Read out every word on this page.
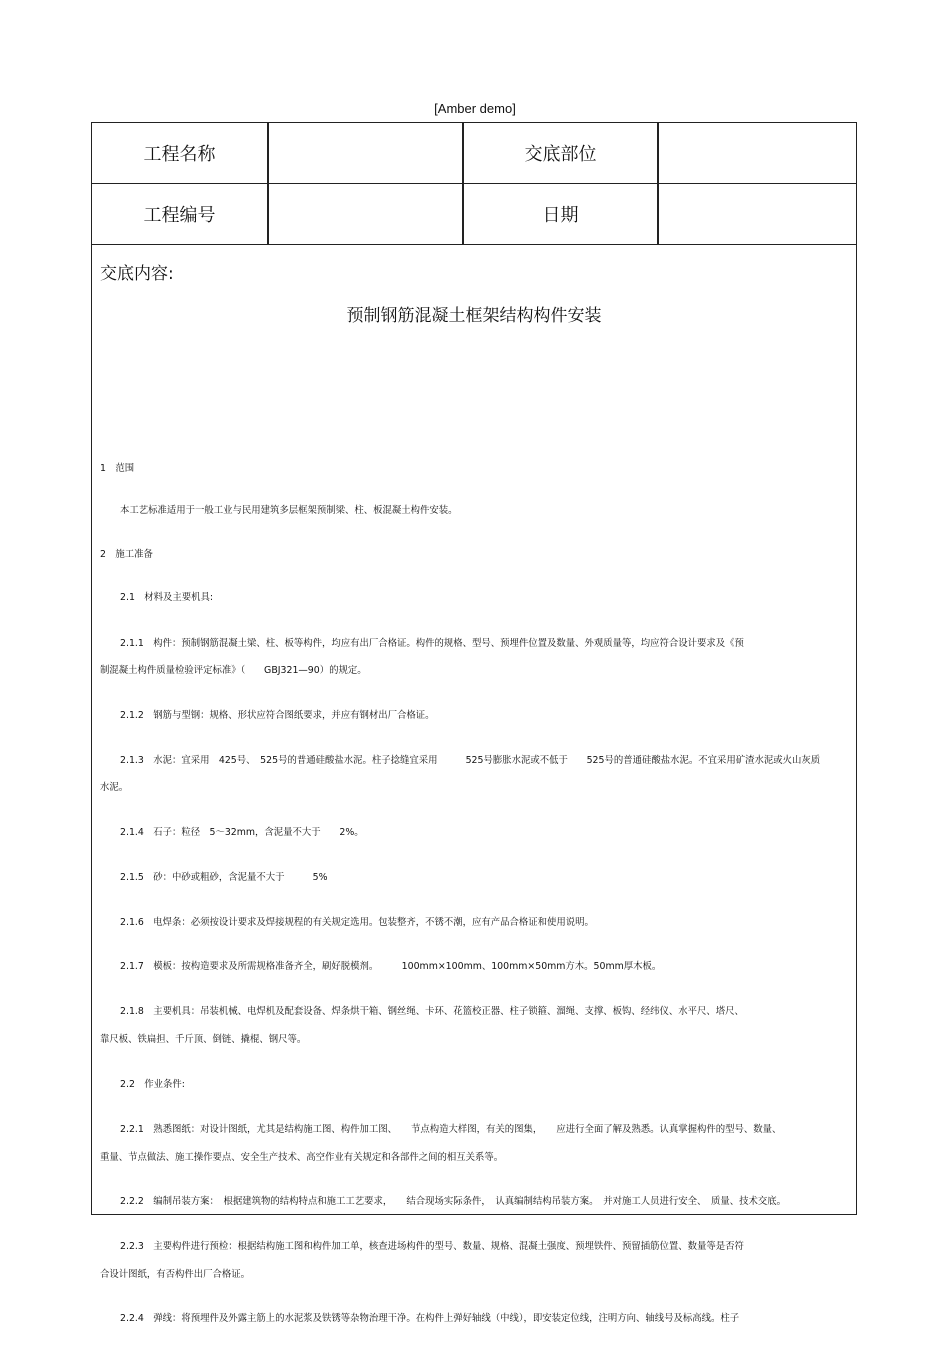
[Amber demo]
工程名称	交底部位
工程编号	日期
交底内容:
预制钢筋混凝土框架结构构件安装
1　范围
本工艺标准适用于一般工业与民用建筑多层框架预制梁、柱、板混凝土构件安装。
2　施工准备
2.1　材料及主要机具:
2.1.1　构件：预制钢筋混凝土梁、柱、板等构件，均应有出厂合格证。构件的规格、型号、预埋件位置及数量、外观质量等，均应符合设计要求及《预
制混凝土构件质量检验评定标准》（　　GBJ321—90）的规定。
2.1.2　钢筋与型钢：规格、形状应符合图纸要求，并应有钢材出厂合格证。
2.1.3　水泥：宜采用　425号、　525号的普通硅酸盐水泥。柱子捻缝宜采用　　　525号膨胀水泥或不低于　　525号的普通硅酸盐水泥。不宜采用矿渣水泥或火山灰质
水泥。
2.1.4　石子：粒径　5～32mm，含泥量不大于　　2%。
2.1.5　砂：中砂或粗砂，含泥量不大于　　　5%
2.1.6　电焊条：必须按设计要求及焊接规程的有关规定选用。包装整齐，不锈不潮，应有产品合格证和使用说明。
2.1.7　模板：按构造要求及所需规格准备齐全，刷好脱模剂。　　　100mm×100mm、100mm×50mm方木。50mm厚木板。
2.1.8　主要机具：吊装机械、电焊机及配套设备、焊条烘干箱、钢丝绳、卡环、花篮校正器、柱子锁箍、溜绳、支撑、板钩、经纬仪、水平尺、塔尺、
靠尺板、铁扁担、千斤顶、倒链、撬棍、钢尺等。
2.2　作业条件:
2.2.1　熟悉图纸：对设计图纸，尤其是结构施工图、构件加工图、　　节点构造大样图，有关的图集，　　应进行全面了解及熟悉。认真掌握构件的型号、数量、
重量、节点做法、施工操作要点、安全生产技术、高空作业有关规定和各部件之间的相互关系等。
2.2.2　编制吊装方案：　根据建筑物的结构特点和施工工艺要求，　　结合现场实际条件，　认真编制结构吊装方案。　并对施工人员进行安全、　质量、技术交底。
2.2.3　主要构件进行预检：根据结构施工图和构件加工单，核查进场构件的型号、数量、规格、混凝土强度、预埋铁件、预留插筋位置、数量等是否符
合设计图纸，有否构件出厂合格证。
2.2.4　弹线：将预埋件及外露主筋上的水泥浆及铁锈等杂物治理干净。在构件上弹好轴线（中线），即安装定位线，注明方向、轴线号及标高线。柱子
